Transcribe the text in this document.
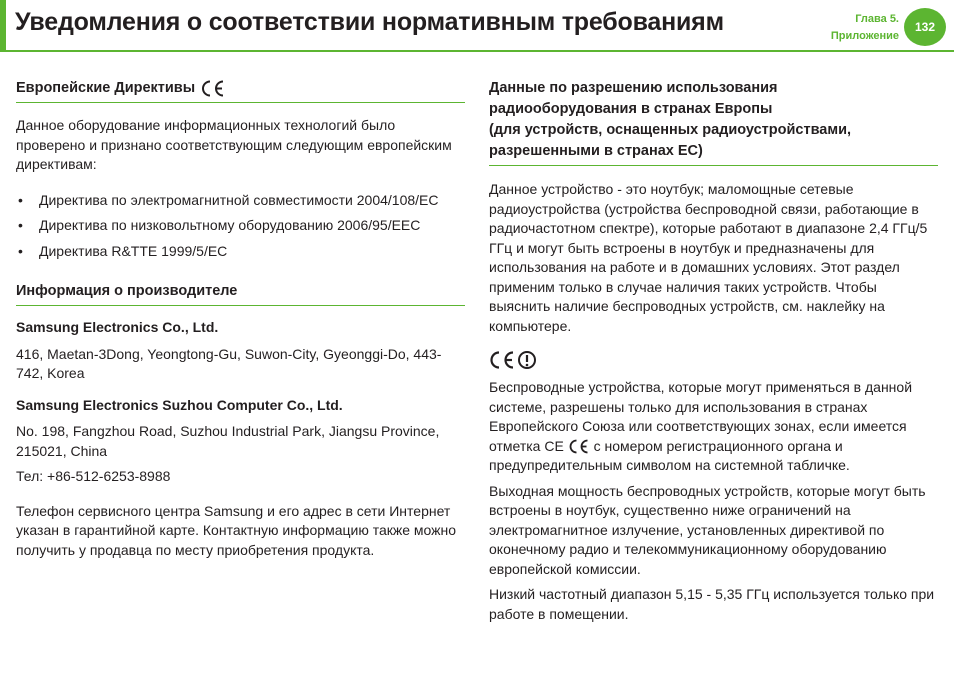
Уведомления о соответствии нормативным требованиям	Глава 5.
Приложение
132
Европейские Директивы

Данное оборудование информационных технологий было проверено и признано соответствующим следующим европейским директивам:

• Директива по электромагнитной совместимости 2004/108/ЕС
• Директива по низковольтному оборудованию 2006/95/EEC
• Директива R&TTE 1999/5/EC
Информация о производителе
Samsung Electronics Co., Ltd.

416, Maetan-3Dong, Yeongtong-Gu, Suwon-City, Gyeonggi-Do, 443-742, Korea

Samsung Electronics Suzhou Computer Co., Ltd.

No. 198, Fangzhou Road, Suzhou Industrial Park, Jiangsu Province, 215021, China

Тел: +86-512-6253-8988

Телефон сервисного центра Samsung и его адрес в сети Интернет указан в гарантийной карте. Контактную информацию также можно получить у продавца по месту приобретения продукта.

Данные по разрешению использования
радиооборудования в странах Европы
(для устройств, оснащенных радиоустройствами,
разрешенными в странах ЕС)

Данное устройство - это ноутбук; маломощные сетевые радиоустройства (устройства беспроводной связи, работающие в радиочастотном спектре), которые работают в диапазоне 2,4 ГГц/5 ГГц и могут быть встроены в ноутбук и предназначены для использования на работе и в домашних условиях. Этот раздел применим только в случае наличия таких устройств. Чтобы выяснить наличие беспроводных устройств, см. наклейку на компьютере.

Беспроводные устройства, которые могут применяться в данной системе, разрешены только для использования в странах Европейского Союза или соответствующих зонах, если имеется отметка CE с номером регистрационного органа и предупредительным символом на системной табличке.

Выходная мощность беспроводных устройств, которые могут быть встроены в ноутбук, существенно ниже ограничений на электромагнитное излучение, установленных директивой по оконечному радио и телекоммуникационному оборудованию европейской комиссии.

Низкий частотный диапазон 5,15 - 5,35 ГГц используется только при работе в помещении.
